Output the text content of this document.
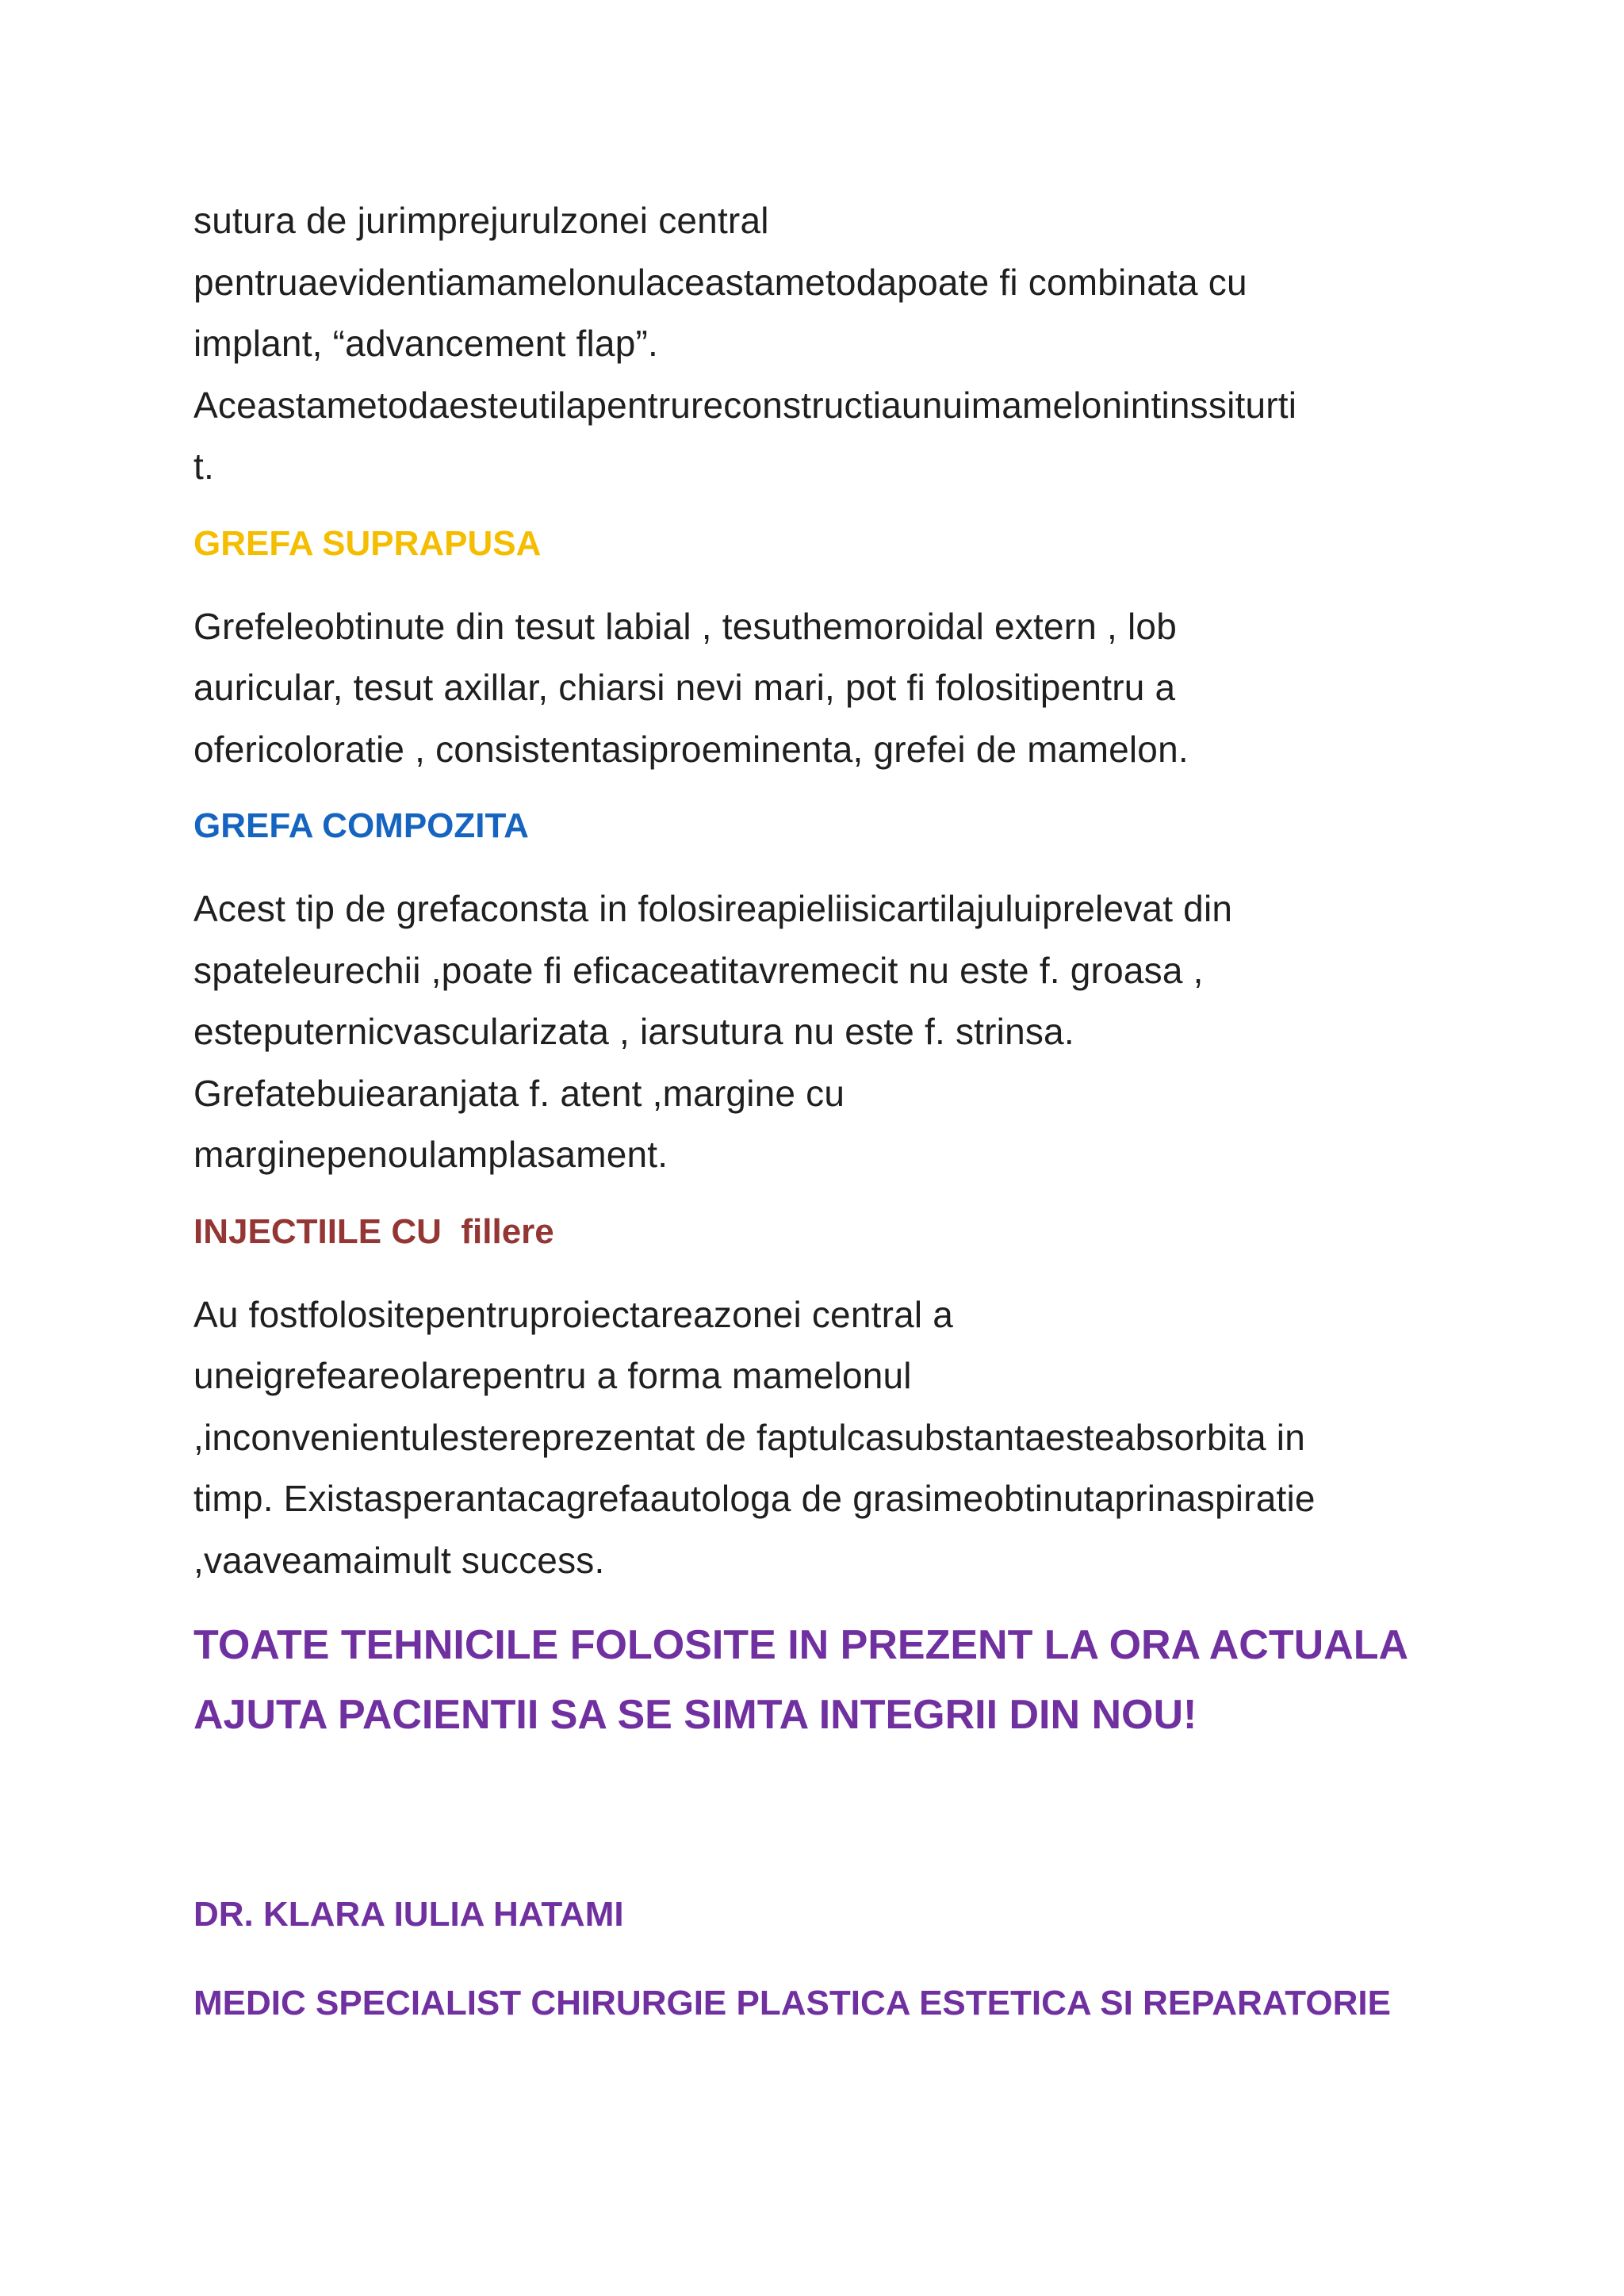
sutura de jurimprejurulzonei central
pentruaevidentiamamelonulaceastametodapoate fi combinata cu
implant, “advancement flap”.
Aceastametodaesteutilapentrureconstructiaunuimamelonintinssiturti
t.

GREFA SUPRAPUSA

Grefeleobtinute din tesut labial , tesuthemoroidal extern , lob
auricular, tesut axillar, chiarsi nevi mari, pot fi folositipentru a
ofericoloratie , consistentasiproeminenta, grefei de mamelon.

GREFA COMPOZITA

Acest tip de grefaconsta in folosireapieliisicartilajuluiprelevat din
spateleurechii ,poate fi eficaceatitavremecit nu este f. groasa ,
esteputernicvascularizata , iarsutura nu este f. strinsa.
Grefatebuiearanjata f. atent ,margine cu
marginepenoulamplasament.

INJECTIILE CU  fillere

Au fostfolositepentruproiectareazonei central a
uneigrefeareolarepentru a forma mamelonul
,inconvenientulestereprezentat de faptulcasubstantaesteabsorbita in
timp. Existasperantacagrefaautologa de grasimeobtinutaprinaspiratie
,vaaveamaimult success.

TOATE TEHNICILE FOLOSITE IN PREZENT LA ORA ACTUALA
AJUTA PACIENTII SA SE SIMTA INTEGRII DIN NOU!

DR. KLARA IULIA HATAMI

MEDIC SPECIALIST CHIRURGIE PLASTICA ESTETICA SI REPARATORIE
